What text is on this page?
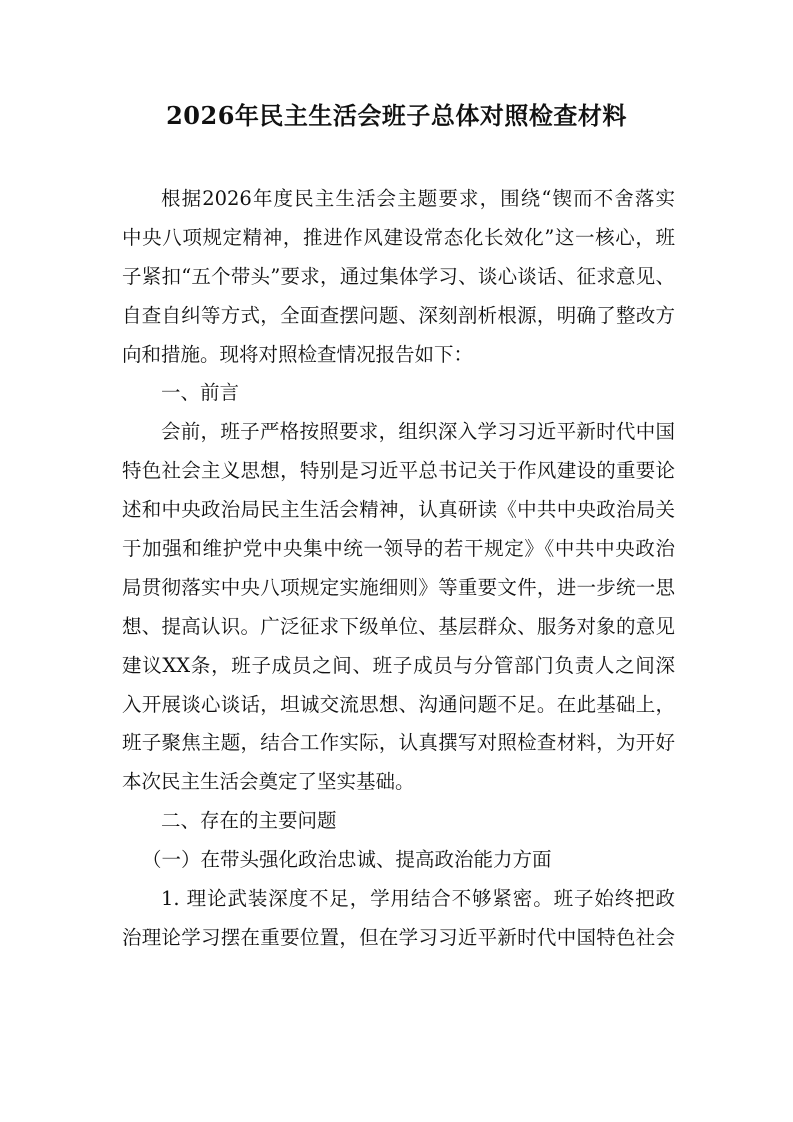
2026年民主生活会班子总体对照检查材料
根据2026年度民主生活会主题要求，围绕“锲而不舍落实
中央八项规定精神，推进作风建设常态化长效化”这一核心，班
子紧扣“五个带头”要求，通过集体学习、谈心谈话、征求意见、
自查自纠等方式，全面查摆问题、深刻剖析根源，明确了整改方
向和措施。现将对照检查情况报告如下：
一、前言
会前，班子严格按照要求，组织深入学习习近平新时代中国
特色社会主义思想，特别是习近平总书记关于作风建设的重要论
述和中央政治局民主生活会精神，认真研读《中共中央政治局关
于加强和维护党中央集中统一领导的若干规定》《中共中央政治
局贯彻落实中央八项规定实施细则》等重要文件，进一步统一思
想、提高认识。广泛征求下级单位、基层群众、服务对象的意见
建议XX条，班子成员之间、班子成员与分管部门负责人之间深
入开展谈心谈话，坦诚交流思想、沟通问题不足。在此基础上，
班子聚焦主题，结合工作实际，认真撰写对照检查材料，为开好
本次民主生活会奠定了坚实基础。
二、存在的主要问题
（一）在带头强化政治忠诚、提高政治能力方面
1. 理论武装深度不足，学用结合不够紧密。班子始终把政
治理论学习摆在重要位置，但在学习习近平新时代中国特色社会
